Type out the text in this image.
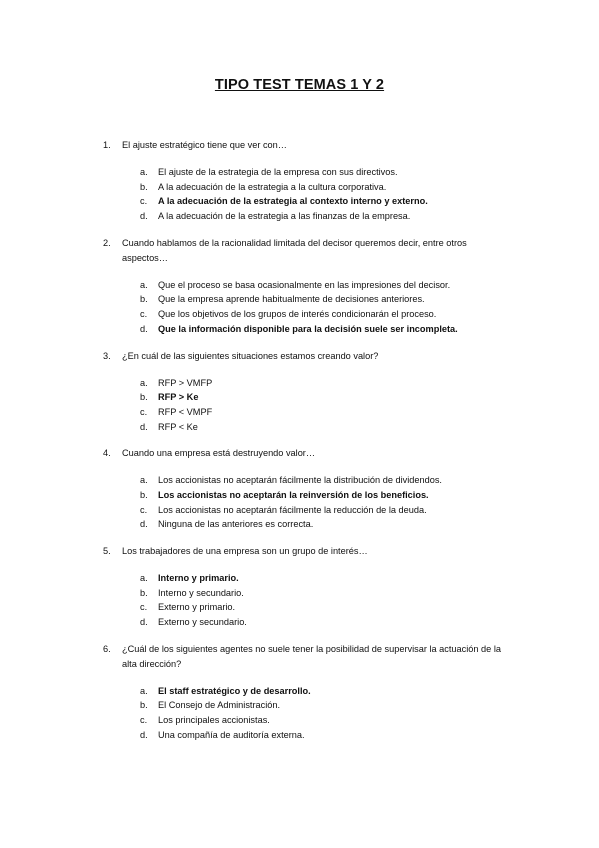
TIPO TEST TEMAS 1 Y 2
1. El ajuste estratégico tiene que ver con…
a. El ajuste de la estrategia de la empresa con sus directivos.
b. A la adecuación de la estrategia a la cultura corporativa.
c. A la adecuación de la estrategia al contexto interno y externo.
d. A la adecuación de la estrategia a las finanzas de la empresa.
2. Cuando hablamos de la racionalidad limitada del decisor queremos decir, entre otros aspectos…
a. Que el proceso se basa ocasionalmente en las impresiones del decisor.
b. Que la empresa aprende habitualmente de decisiones anteriores.
c. Que los objetivos de los grupos de interés condicionarán el proceso.
d. Que la información disponible para la decisión suele ser incompleta.
3. ¿En cuál de las siguientes situaciones estamos creando valor?
a. RFP > VMFP
b. RFP > Ke
c. RFP < VMPF
d. RFP < Ke
4. Cuando una empresa está destruyendo valor…
a. Los accionistas no aceptarán fácilmente la distribución de dividendos.
b. Los accionistas no aceptarán la reinversión de los beneficios.
c. Los accionistas no aceptarán fácilmente la reducción de la deuda.
d. Ninguna de las anteriores es correcta.
5. Los trabajadores de una empresa son un grupo de interés…
a. Interno y primario.
b. Interno y secundario.
c. Externo y primario.
d. Externo y secundario.
6. ¿Cuál de los siguientes agentes no suele tener la posibilidad de supervisar la actuación de la alta dirección?
a. El staff estratégico y de desarrollo.
b. El Consejo de Administración.
c. Los principales accionistas.
d. Una compañía de auditoría externa.
